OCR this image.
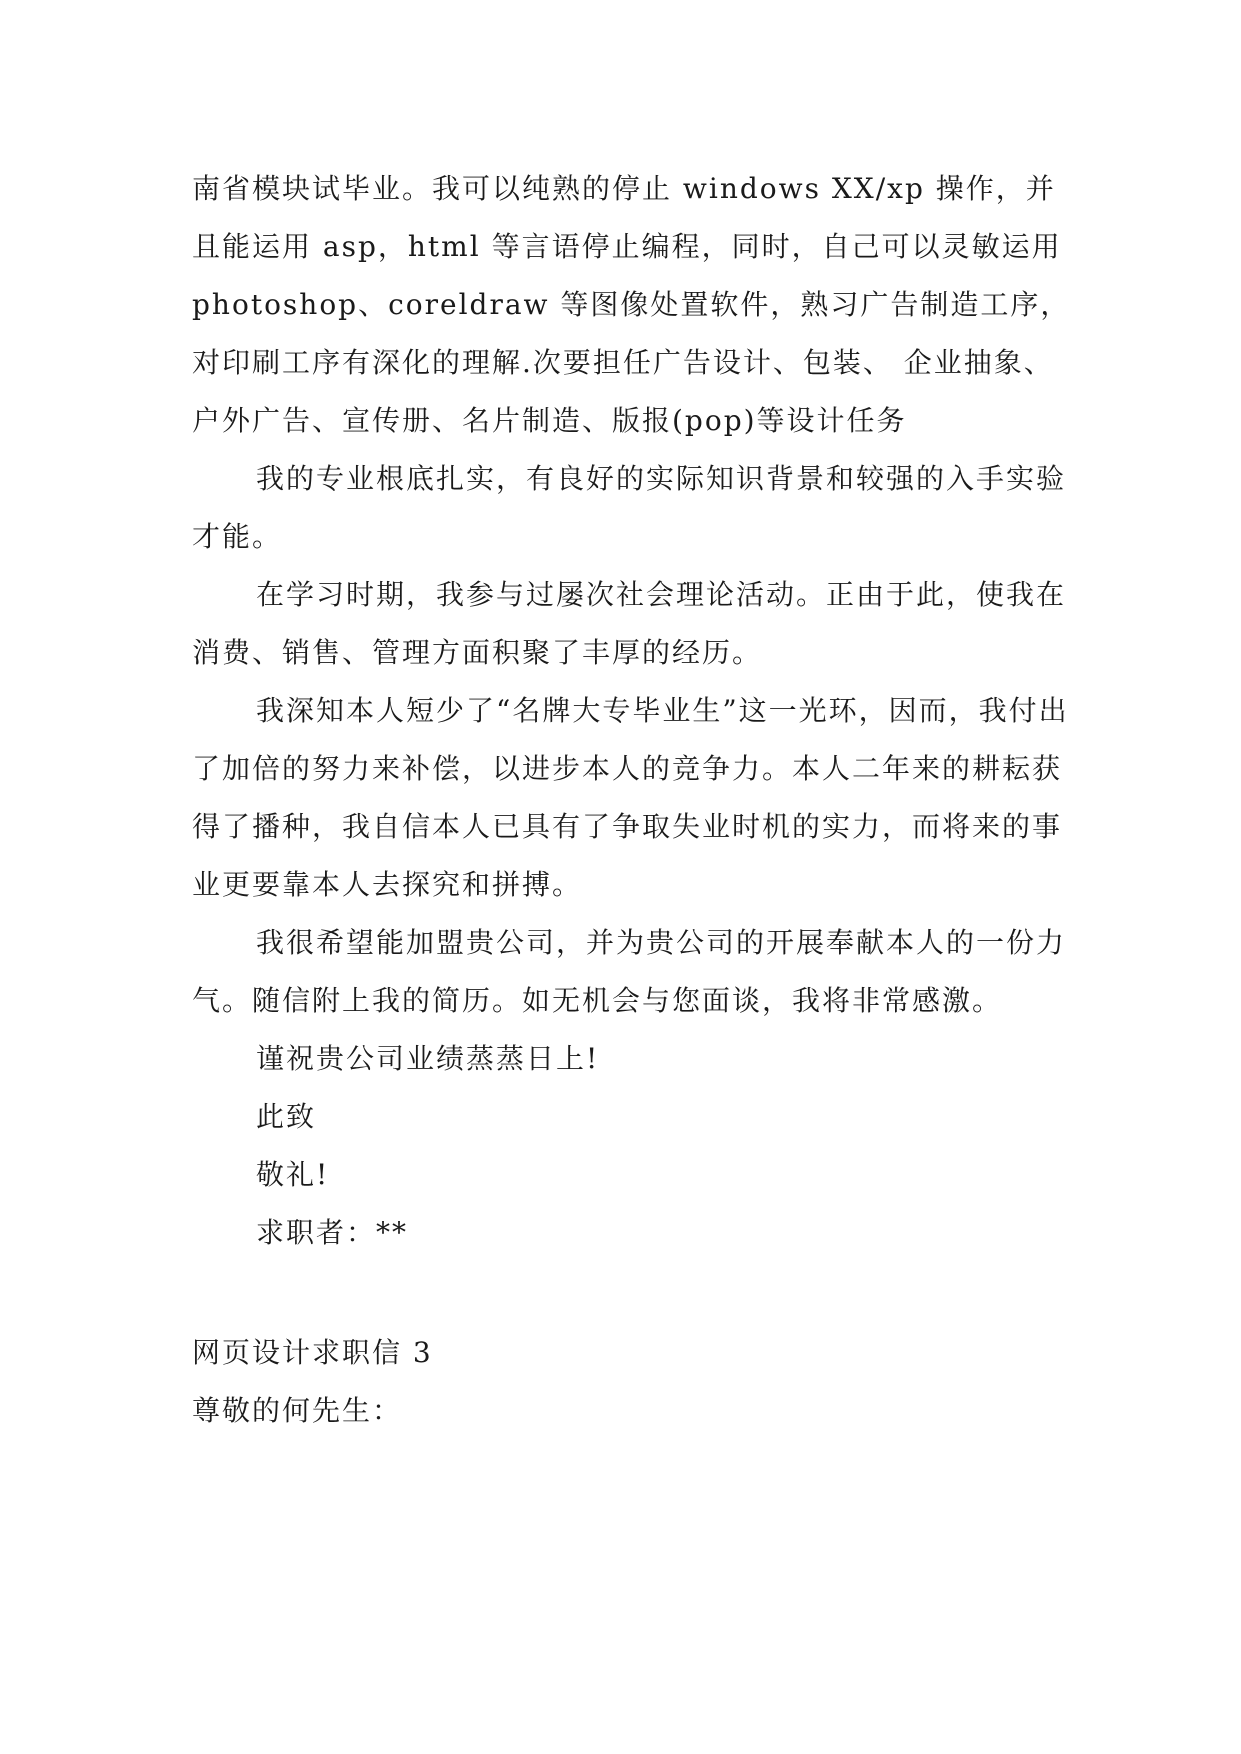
南省模块试毕业。我可以纯熟的停止 windows XX/xp 操作，并且能运用 asp，html 等言语停止编程，同时，自己可以灵敏运用 photoshop、coreldraw 等图像处置软件，熟习广告制造工序，对印刷工序有深化的理解.次要担任广告设计、包装、 企业抽象、户外广告、宣传册、名片制造、版报(pop)等设计任务

我的专业根底扎实，有良好的实际知识背景和较强的入手实验才能。

在学习时期，我参与过屡次社会理论活动。正由于此，使我在消费、销售、管理方面积聚了丰厚的经历。

我深知本人短少了“名牌大专毕业生”这一光环，因而，我付出了加倍的努力来补偿，以进步本人的竞争力。本人二年来的耕耘获得了播种，我自信本人已具有了争取失业时机的实力，而将来的事业更要靠本人去探究和拼搏。

我很希望能加盟贵公司，并为贵公司的开展奉献本人的一份力气。随信附上我的简历。如无机会与您面谈，我将非常感激。

谨祝贵公司业绩蒸蒸日上!

此致

敬礼!

求职者：**

网页设计求职信 3

尊敬的何先生：
